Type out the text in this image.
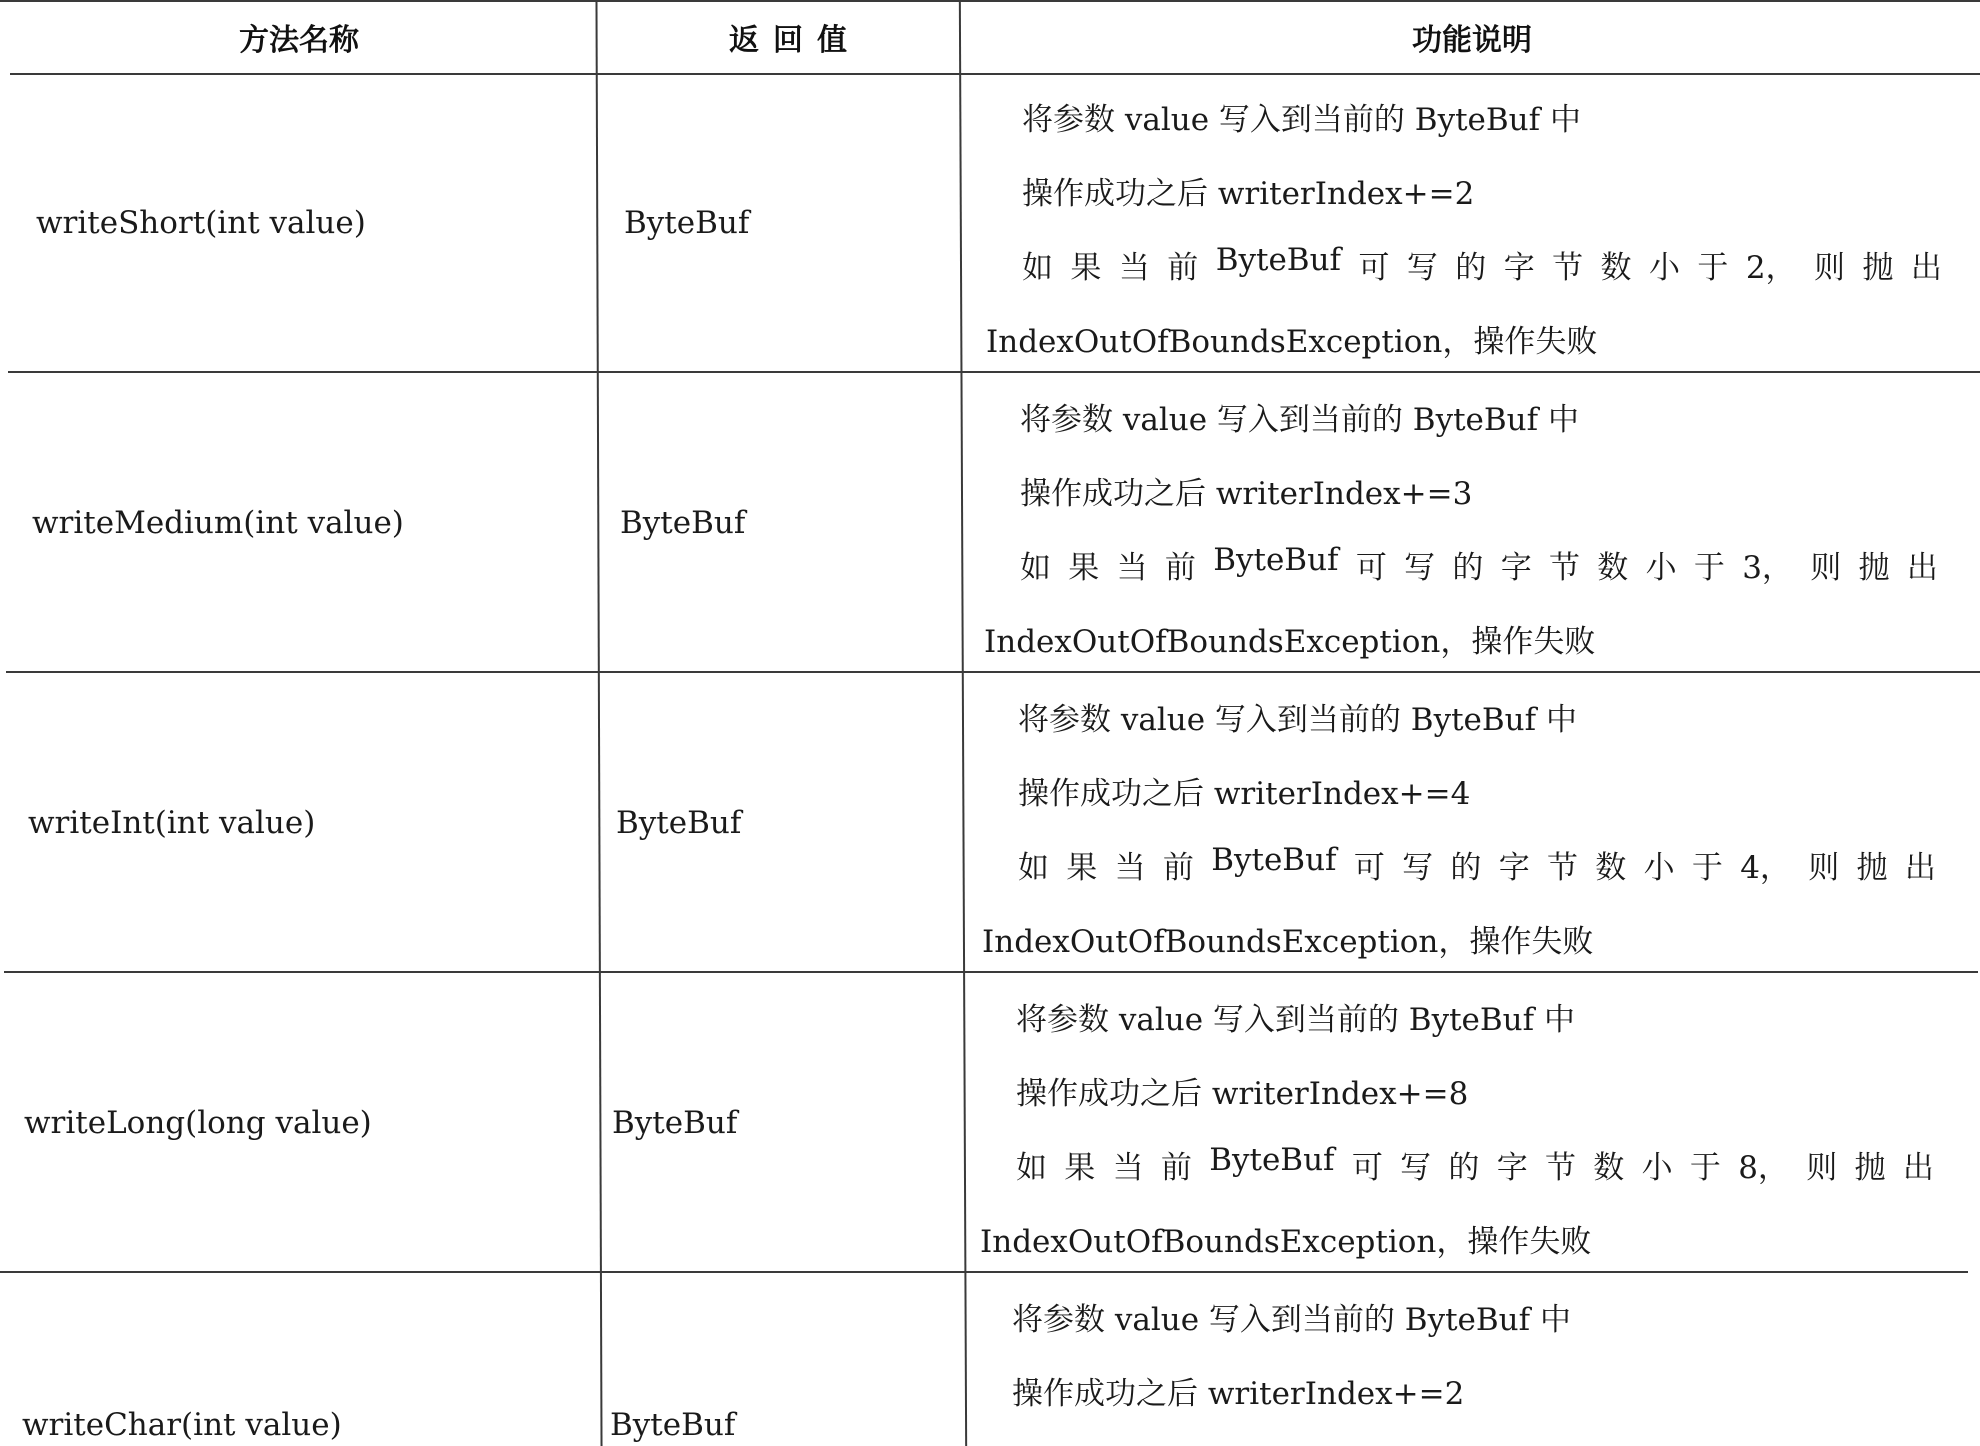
方法名称	返回值	功能说明
writeShort(int value)	ByteBuf
将参数 value 写入到当前的 ByteBuf 中
操作成功之后 writerIndex+=2
如 果 当 前 ByteBuf 可 写 的 字 节 数 小 于 2， 则 抛 出
IndexOutOfBoundsException，操作失败
writeMedium(int value)	ByteBuf
将参数 value 写入到当前的 ByteBuf 中
操作成功之后 writerIndex+=3
如 果 当 前 ByteBuf 可 写 的 字 节 数 小 于 3， 则 抛 出
IndexOutOfBoundsException，操作失败
writeInt(int value)	ByteBuf
将参数 value 写入到当前的 ByteBuf 中
操作成功之后 writerIndex+=4
如 果 当 前 ByteBuf 可 写 的 字 节 数 小 于 4， 则 抛 出
IndexOutOfBoundsException，操作失败
writeLong(long value)	ByteBuf
将参数 value 写入到当前的 ByteBuf 中
操作成功之后 writerIndex+=8
如 果 当 前 ByteBuf 可 写 的 字 节 数 小 于 8， 则 抛 出
IndexOutOfBoundsException，操作失败
writeChar(int value)	ByteBuf
将参数 value 写入到当前的 ByteBuf 中
操作成功之后 writerIndex+=2
